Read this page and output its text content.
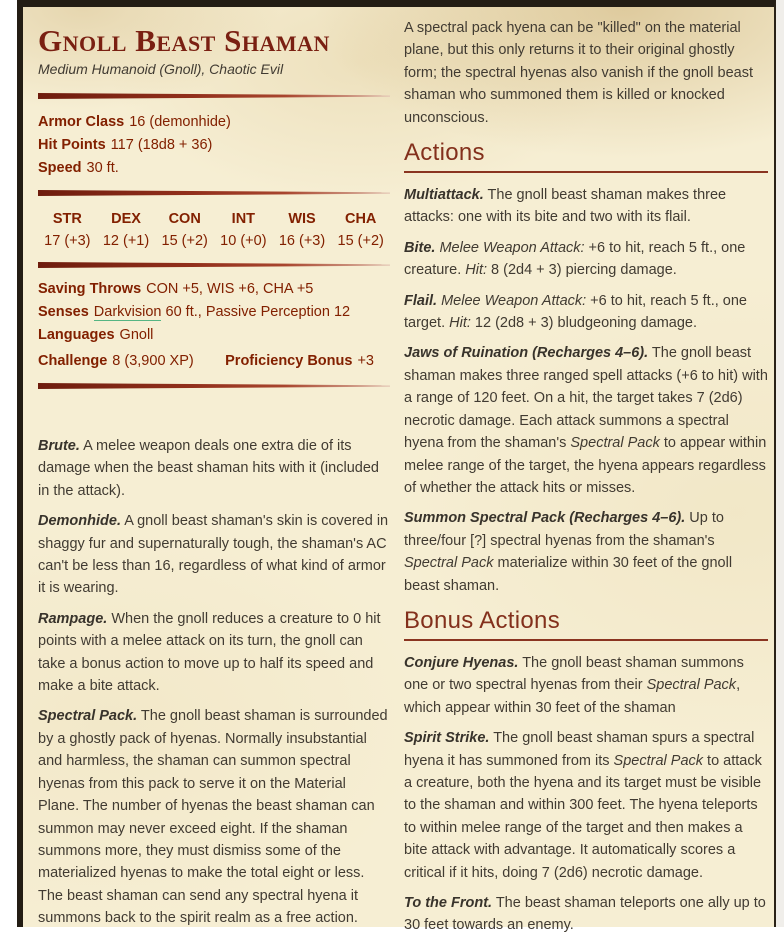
Gnoll Beast Shaman
Medium Humanoid (Gnoll), Chaotic Evil
Armor Class 16 (demonhide)
Hit Points 117 (18d8 + 36)
Speed 30 ft.
STR
17 (+3)
DEX
12 (+1)
CON
15 (+2)
INT
10 (+0)
WIS
16 (+3)
CHA
15 (+2)
Saving Throws CON +5, WIS +6, CHA +5
Senses Darkvision 60 ft., Passive Perception 12
Languages Gnoll
Challenge 8 (3,900 XP) Proficiency Bonus +3

Brute. A melee weapon deals one extra die of its damage when the beast shaman hits with it (included in the attack).

Demonhide. A gnoll beast shaman's skin is covered in shaggy fur and supernaturally tough, the shaman's AC can't be less than 16, regardless of what kind of armor it is wearing.

Rampage. When the gnoll reduces a creature to 0 hit points with a melee attack on its turn, the gnoll can take a bonus action to move up to half its speed and make a bite attack.

Spectral Pack. The gnoll beast shaman is surrounded by a ghostly pack of hyenas. Normally insubstantial and harmless, the shaman can summon spectral hyenas from this pack to serve it on the Material Plane. The number of hyenas the beast shaman can summon may never exceed eight. If the shaman summons more, they must dismiss some of the materialized hyenas to make the total eight or less. The beast shaman can send any spectral hyena it summons back to the spirit realm as a free action.

A spectral pack hyena can be "killed" on the material plane, but this only returns it to their original ghostly form; the spectral hyenas also vanish if the gnoll beast shaman who summoned them is killed or knocked unconscious.

Actions

Multiattack. The gnoll beast shaman makes three attacks: one with its bite and two with its flail.

Bite. Melee Weapon Attack: +6 to hit, reach 5 ft., one creature. Hit: 8 (2d4 + 3) piercing damage.

Flail. Melee Weapon Attack: +6 to hit, reach 5 ft., one target. Hit: 12 (2d8 + 3) bludgeoning damage.

Jaws of Ruination (Recharges 4–6). The gnoll beast shaman makes three ranged spell attacks (+6 to hit) with a range of 120 feet. On a hit, the target takes 7 (2d6) necrotic damage. Each attack summons a spectral hyena from the shaman's Spectral Pack to appear within melee range of the target, the hyena appears regardless of whether the attack hits or misses.

Summon Spectral Pack (Recharges 4–6). Up to three/four [?] spectral hyenas from the shaman's Spectral Pack materialize within 30 feet of the gnoll beast shaman.

Bonus Actions

Conjure Hyenas. The gnoll beast shaman summons one or two spectral hyenas from their Spectral Pack, which appear within 30 feet of the shaman

Spirit Strike. The gnoll beast shaman spurs a spectral hyena it has summoned from its Spectral Pack to attack a creature, both the hyena and its target must be visible to the shaman and within 300 feet. The hyena teleports to within melee range of the target and then makes a bite attack with advantage. It automatically scores a critical if it hits, doing 7 (2d6) necrotic damage.

To the Front. The beast shaman teleports one ally up to 30 feet towards an enemy.
